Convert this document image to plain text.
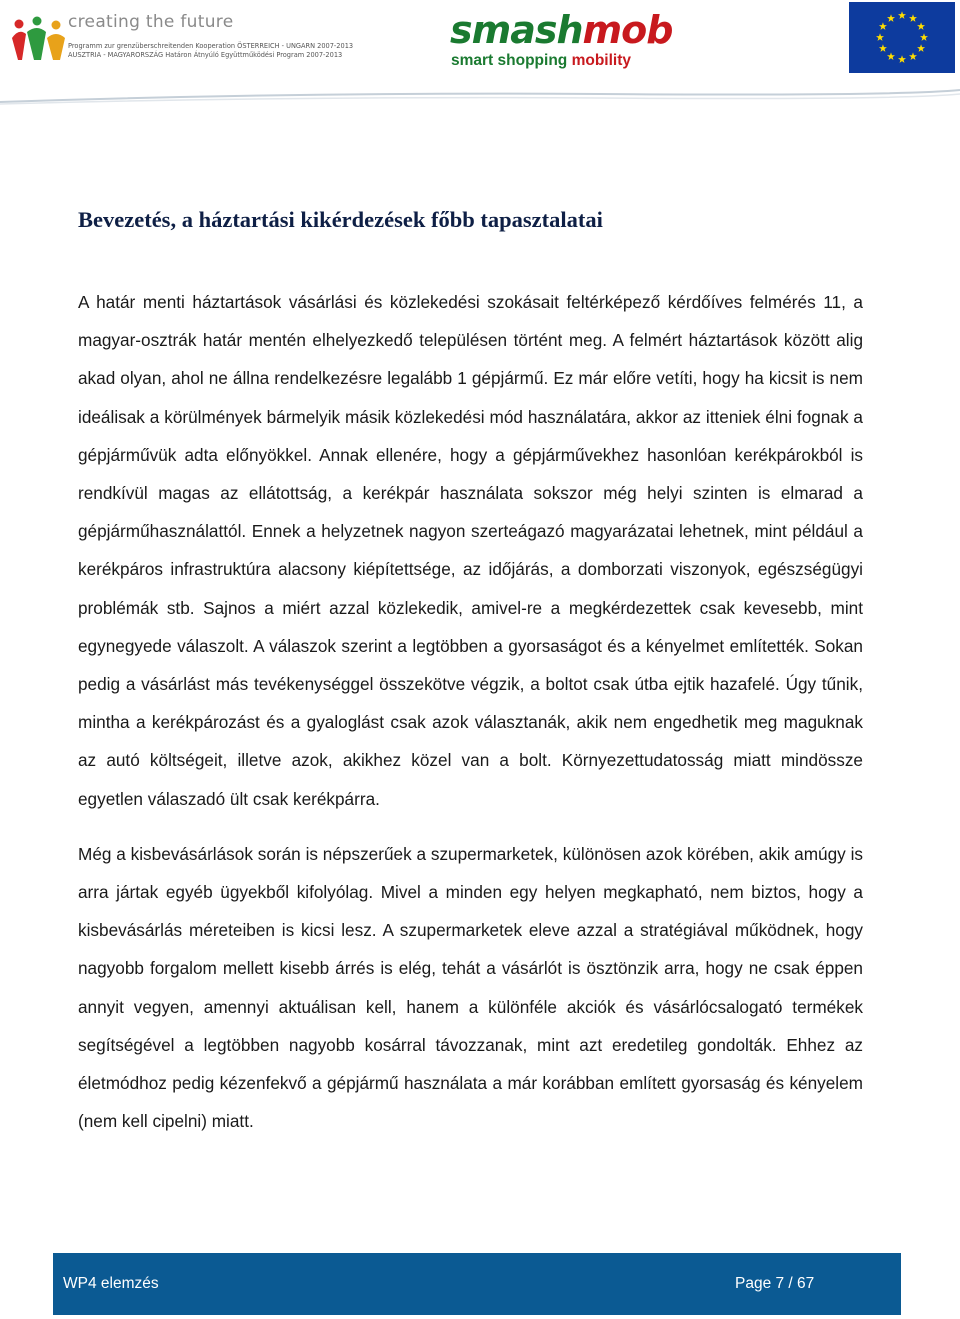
creating the future
Programm zur grenzüberschreitenden Kooperation ÖSTERREICH - UNGARN 2007-2013
AUSZTRIA - MAGYARORSZÁG Határon Átnyúló Együttműködési Program 2007-2013
smashmob
smart shopping mobility
Bevezetés, a háztartási kikérdezések főbb tapasztalatai

A határ menti háztartások vásárlási és közlekedési szokásait feltérképező kérdőíves felmérés 11, a magyar-osztrák határ mentén elhelyezkedő településen történt meg. A felmért háztartások között alig akad olyan, ahol ne állna rendelkezésre legalább 1 gépjármű. Ez már előre vetíti, hogy ha kicsit is nem ideálisak a körülmények bármelyik másik közlekedési mód használatára, akkor az itteniek élni fognak a gépjárművük adta előnyökkel. Annak ellenére, hogy a gépjárművekhez hasonlóan kerékpárokból is rendkívül magas az ellátottság, a kerékpár használata sokszor még helyi szinten is elmarad a gépjárműhasználattól. Ennek a helyzetnek nagyon szerteágazó magyarázatai lehetnek, mint például a kerékpáros infrastruktúra alacsony kiépítettsége, az időjárás, a domborzati viszonyok, egészségügyi problémák stb. Sajnos a miért azzal közlekedik, amivel-re a megkérdezettek csak kevesebb, mint egynegyede válaszolt. A válaszok szerint a legtöbben a gyorsaságot és a kényelmet említették. Sokan pedig a vásárlást más tevékenységgel összekötve végzik, a boltot csak útba ejtik hazafelé. Úgy tűnik, mintha a kerékpározást és a gyaloglást csak azok választanák, akik nem engedhetik meg maguknak az autó költségeit, illetve azok, akikhez közel van a bolt. Környezettudatosság miatt mindössze egyetlen válaszadó ült csak kerékpárra.

Még a kisbevásárlások során is népszerűek a szupermarketek, különösen azok körében, akik amúgy is arra jártak egyéb ügyekből kifolyólag. Mivel a minden egy helyen megkapható, nem biztos, hogy a kisbevásárlás méreteiben is kicsi lesz. A szupermarketek eleve azzal a stratégiával működnek, hogy nagyobb forgalom mellett kisebb árrés is elég, tehát a vásárlót is ösztönzik arra, hogy ne csak éppen annyit vegyen, amennyi aktuálisan kell, hanem a különféle akciók és vásárlócsalogató termékek segítségével a legtöbben nagyobb kosárral távozzanak, mint azt eredetileg gondolták. Ehhez az életmódhoz pedig kézenfekvő a gépjármű használata a már korábban említett gyorsaság és kényelem (nem kell cipelni) miatt.

WP4 elemzés	Page 7 / 67
